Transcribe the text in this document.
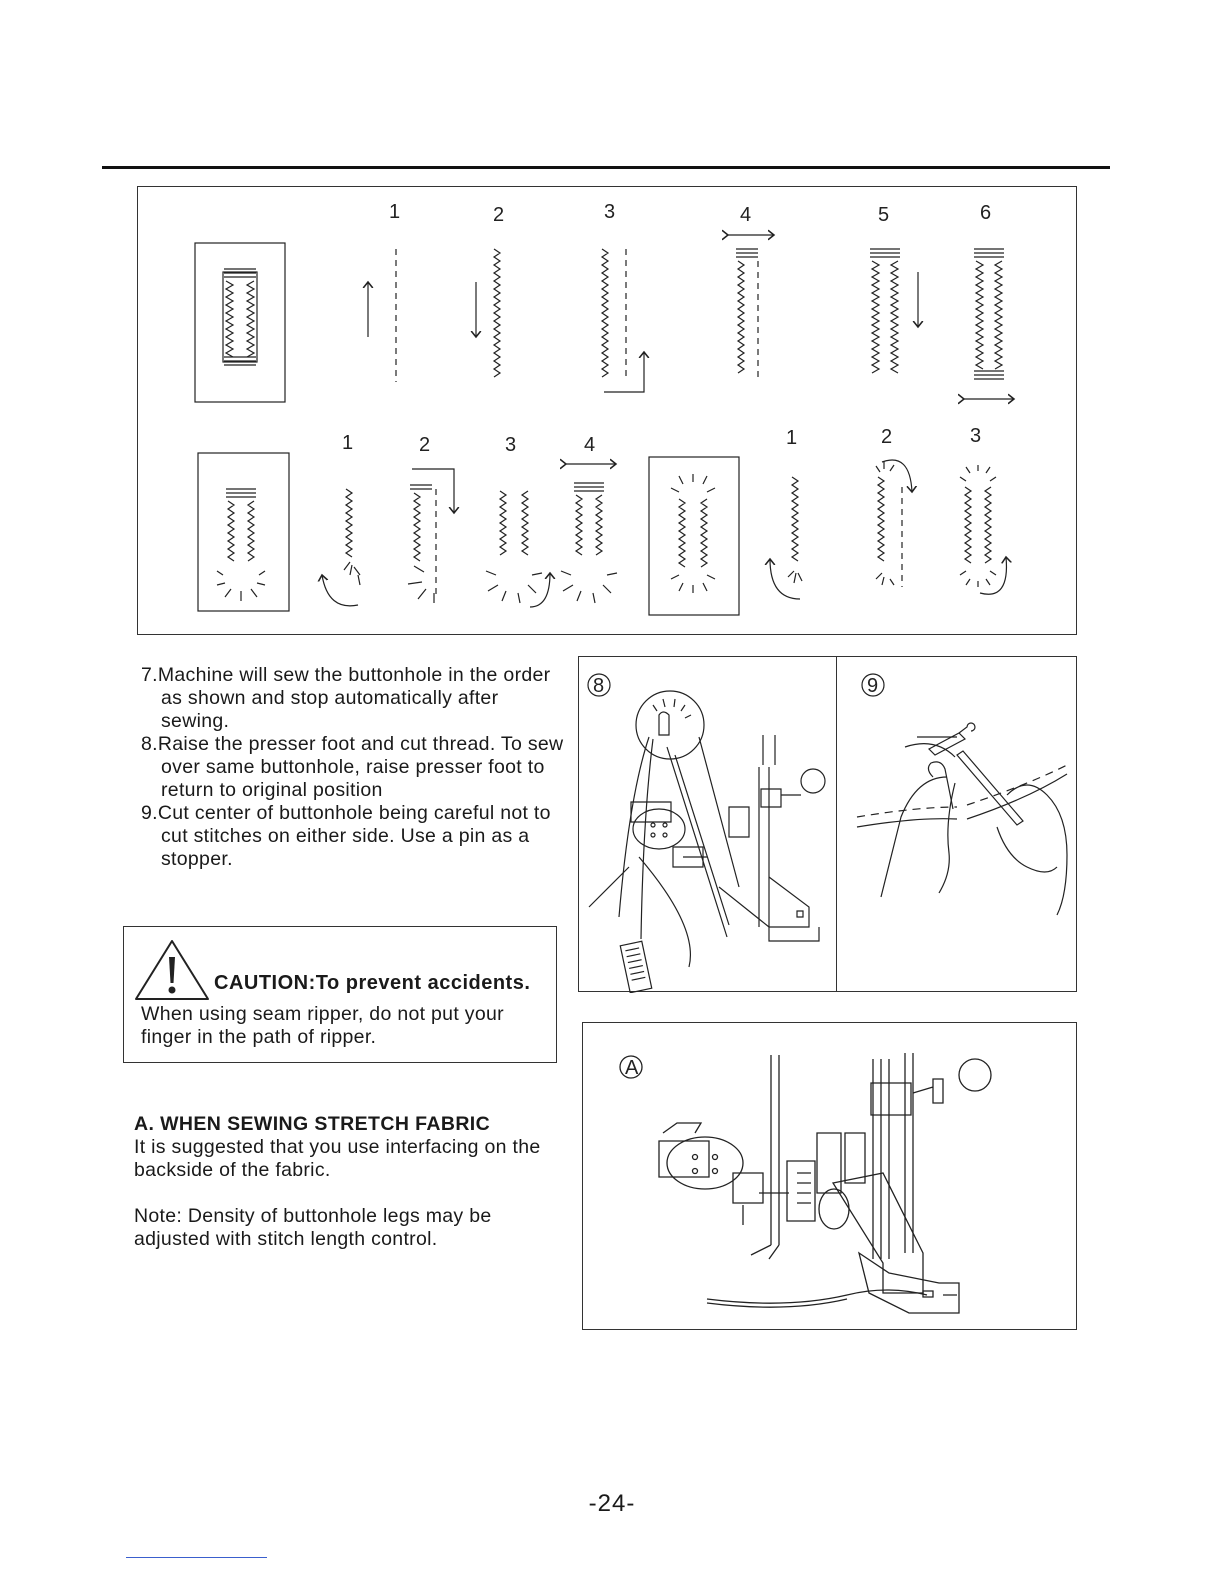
1	2	3	4	5	6
1	2	3	4	1	2	3
7.Machine will sew the buttonhole in the order as shown and stop automatically after sewing.
8.Raise the presser foot and cut thread. To sew over same buttonhole, raise presser foot to return to original position
9.Cut center of buttonhole being careful not to cut stitches on either side. Use a pin as a stopper.
CAUTION:To prevent accidents.

When using seam ripper, do not put your finger in the path of ripper.

A. WHEN SEWING STRETCH FABRIC

It is suggested that you use interfacing on the backside of the fabric.

Note: Density of buttonhole legs may be adjusted with stitch length control.

8	9
A
-24-
